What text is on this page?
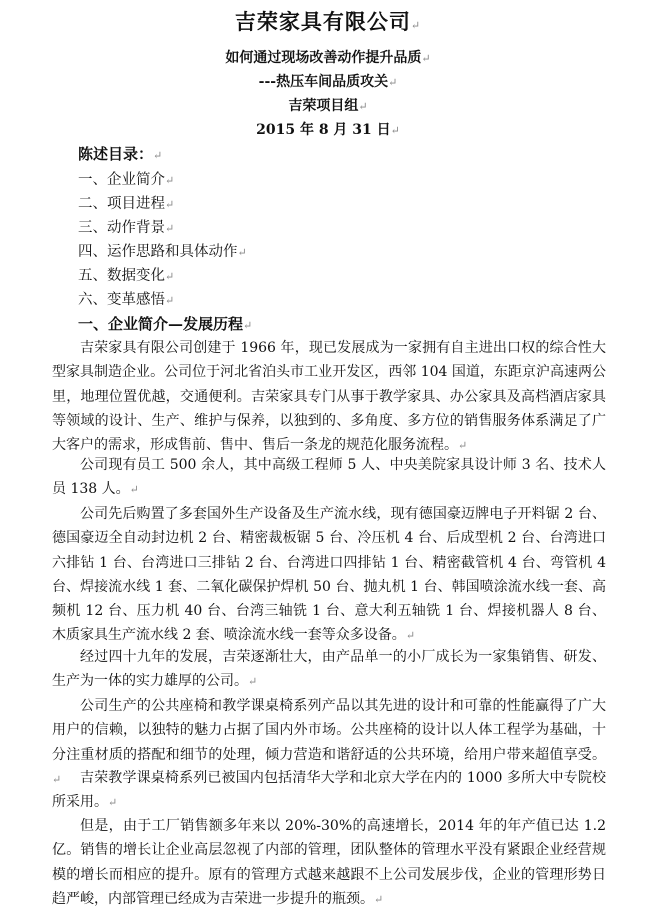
吉荣家具有限公司↵
如何通过现场改善动作提升品质↵
---热压车间品质攻关↵
吉荣项目组↵
2015 年 8 月 31 日↵
陈述目录：↵
一、企业简介↵
二、项目进程↵
三、动作背景↵
四、运作思路和具体动作↵
五、数据变化↵
六、变革感悟↵
一、企业简介—发展历程↵
吉荣家具有限公司创建于 1966 年，现已发展成为一家拥有自主进出口权的综合性大型家具制造企业。公司位于河北省泊头市工业开发区，西邻 104 国道，东距京沪高速两公里，地理位置优越，交通便利。吉荣家具专门从事于教学家具、办公家具及高档酒店家具等领域的设计、生产、维护与保养，以独到的、多角度、多方位的销售服务体系满足了广大客户的需求，形成售前、售中、售后一条龙的规范化服务流程。↵
公司现有员工 500 余人，其中高级工程师 5 人、中央美院家具设计师 3 名、技术人员 138 人。↵
公司先后购置了多套国外生产设备及生产流水线，现有德国豪迈牌电子开料锯 2 台、德国豪迈全自动封边机 2 台、精密裁板锯 5 台、冷压机 4 台、后成型机 2 台、台湾进口六排钻 1 台、台湾进口三排钻 2 台、台湾进口四排钻 1 台、精密截管机 4 台、弯管机 4 台、焊接流水线 1 套、二氧化碳保护焊机 50 台、抛丸机 1 台、韩国喷涂流水线一套、高频机 12 台、压力机 40 台、台湾三轴铣 1 台、意大利五轴铣 1 台、焊接机器人 8 台、木质家具生产流水线 2 套、喷涂流水线一套等众多设备。↵
经过四十九年的发展，吉荣逐渐壮大，由产品单一的小厂成长为一家集销售、研发、生产为一体的实力雄厚的公司。↵
公司生产的公共座椅和教学课桌椅系列产品以其先进的设计和可靠的性能赢得了广大用户的信赖，以独特的魅力占据了国内外市场。公共座椅的设计以人体工程学为基础，十分注重材质的搭配和细节的处理，倾力营造和谐舒适的公共环境，给用户带来超值享受。↵	吉荣教学课桌椅系列已被国内包括清华大学和北京大学在内的 1000 多所大中专院校所采用。↵
但是，由于工厂销售额多年来以 20%-30%的高速增长，2014 年的年产值已达 1.2 亿。销售的增长让企业高层忽视了内部的管理，团队整体的管理水平没有紧跟企业经营规模的增长而相应的提升。原有的管理方式越来越跟不上公司发展步伐，企业的管理形势日趋严峻，内部管理已经成为吉荣进一步提升的瓶颈。↵
